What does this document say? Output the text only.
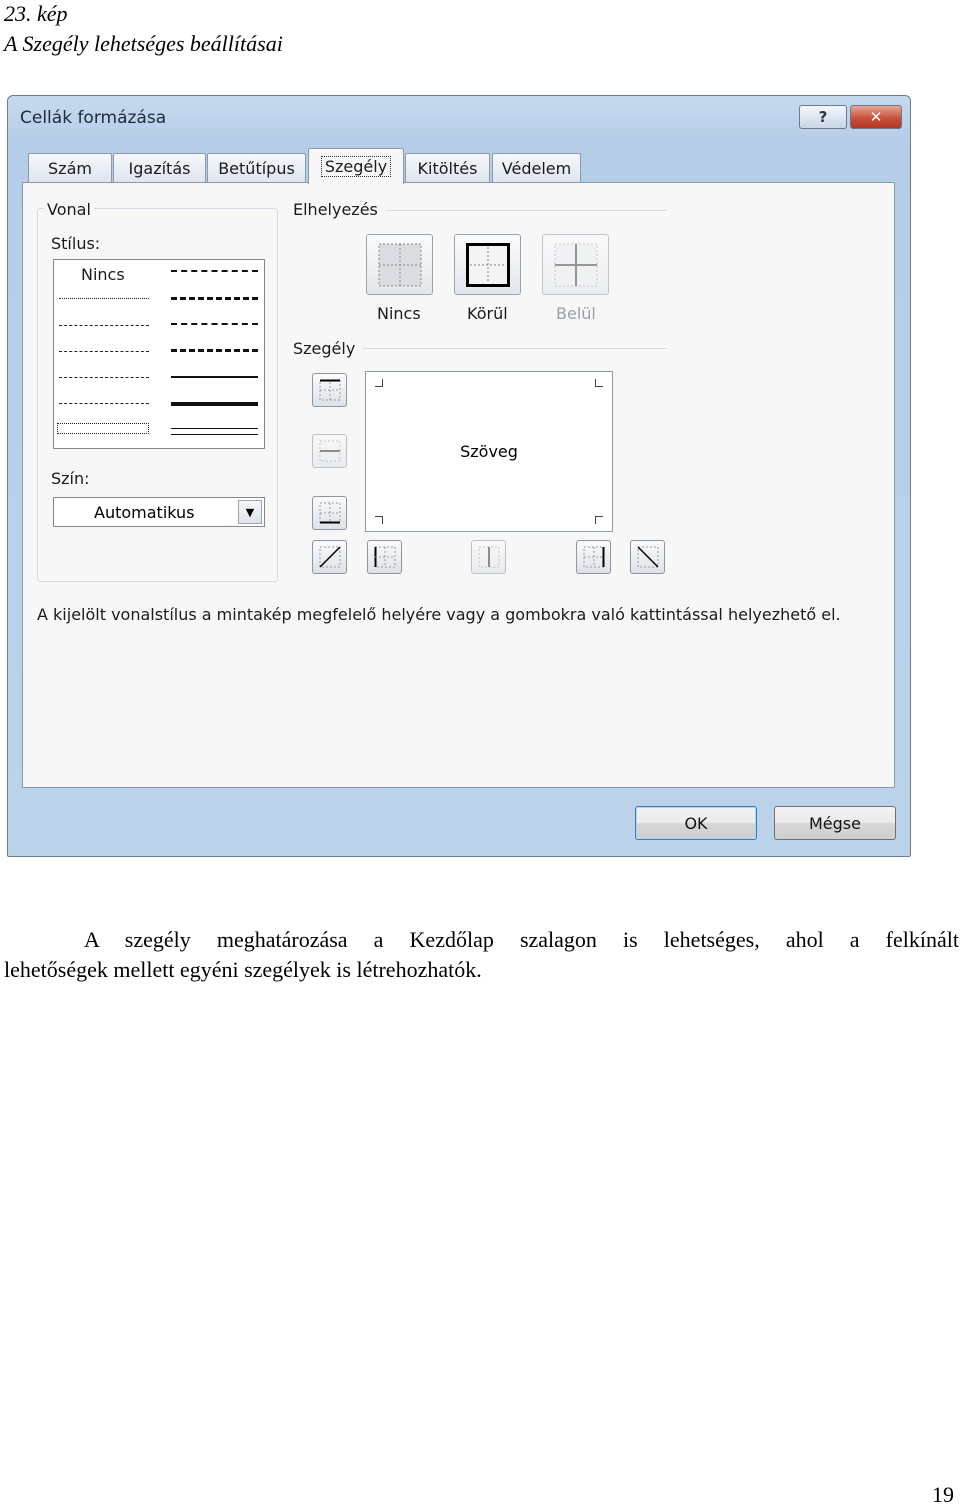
23. kép
A Szegély lehetséges beállításai
Cellák formázása	?	✕
Szám Igazítás Betűtípus Szegély Kitöltés Védelem
Vonal
Stílus:
Nincs
Szín:
Automatikus	▼
Elhelyezés
Nincs	Körül	Belül
Szegély
Szöveg
A kijelölt vonalstílus a mintakép megfelelő helyére vagy a gombokra való kattintással helyezhető el.
OK	Mégse
A szegély meghatározása a Kezdőlap szalagon is lehetséges, ahol a felkínált
lehetőségek mellett egyéni szegélyek is létrehozhatók.
19
